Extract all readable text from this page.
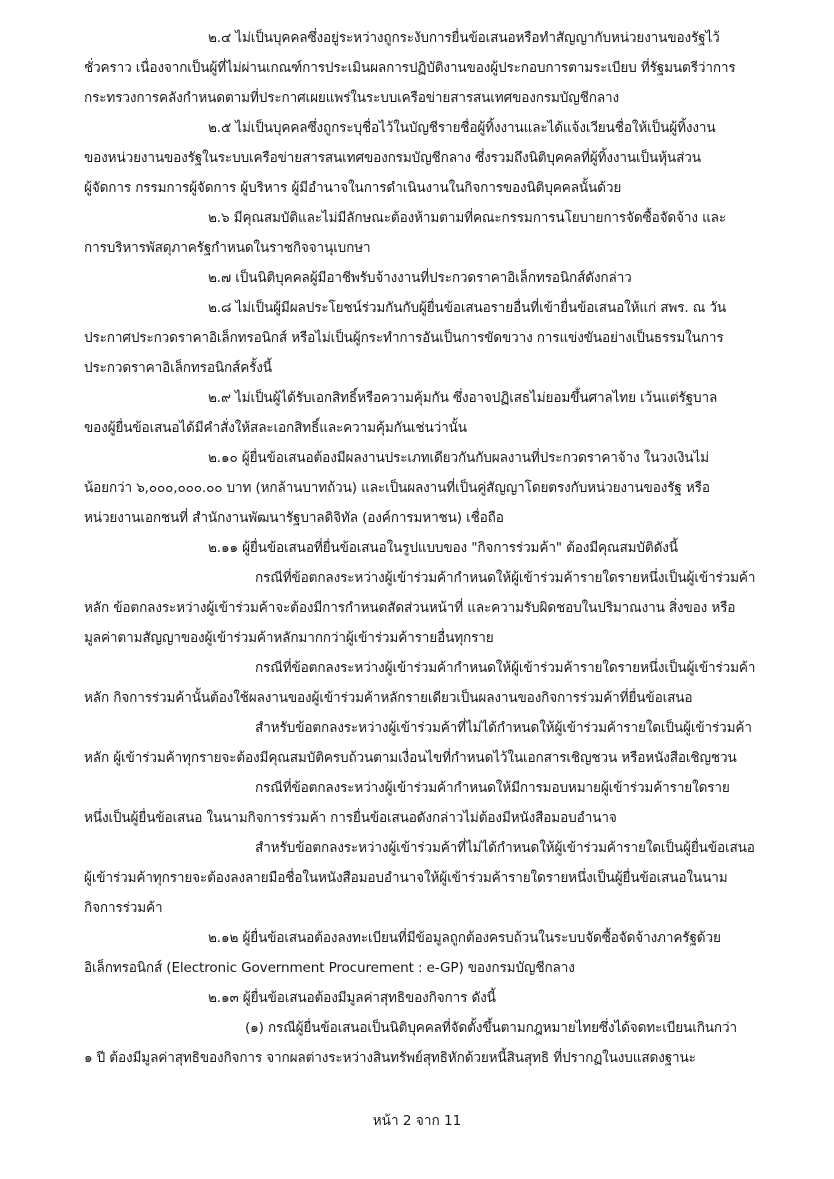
๒.๔ ไม่เป็นบุคคลซึ่งอยู่ระหว่างถูกระงับการยื่นข้อเสนอหรือทำสัญญากับหน่วยงานของรัฐไว้
ชั่วคราว เนื่องจากเป็นผู้ที่ไม่ผ่านเกณฑ์การประเมินผลการปฏิบัติงานของผู้ประกอบการตามระเบียบ ที่รัฐมนตรีว่าการ
กระทรวงการคลังกำหนดตามที่ประกาศเผยแพร่ในระบบเครือข่ายสารสนเทศของกรมบัญชีกลาง
๒.๕ ไม่เป็นบุคคลซึ่งถูกระบุชื่อไว้ในบัญชีรายชื่อผู้ทิ้งงานและได้แจ้งเวียนชื่อให้เป็นผู้ทิ้งงาน
ของหน่วยงานของรัฐในระบบเครือข่ายสารสนเทศของกรมบัญชีกลาง ซึ่งรวมถึงนิติบุคคลที่ผู้ทิ้งงานเป็นหุ้นส่วน
ผู้จัดการ กรรมการผู้จัดการ ผู้บริหาร ผู้มีอำนาจในการดำเนินงานในกิจการของนิติบุคคลนั้นด้วย
๒.๖ มีคุณสมบัติและไม่มีลักษณะต้องห้ามตามที่คณะกรรมการนโยบายการจัดซื้อจัดจ้าง และ
การบริหารพัสดุภาครัฐกำหนดในราชกิจจานุเบกษา
๒.๗ เป็นนิติบุคคลผู้มีอาชีพรับจ้างงานที่ประกวดราคาอิเล็กทรอนิกส์ดังกล่าว
๒.๘ ไม่เป็นผู้มีผลประโยชน์ร่วมกันกับผู้ยื่นข้อเสนอรายอื่นที่เข้ายื่นข้อเสนอให้แก่ สพร. ณ วัน
ประกาศประกวดราคาอิเล็กทรอนิกส์ หรือไม่เป็นผู้กระทำการอันเป็นการขัดขวาง การแข่งขันอย่างเป็นธรรมในการ
ประกวดราคาอิเล็กทรอนิกส์ครั้งนี้
๒.๙ ไม่เป็นผู้ได้รับเอกสิทธิ์หรือความคุ้มกัน ซึ่งอาจปฏิเสธไม่ยอมขึ้นศาลไทย เว้นแต่รัฐบาล
ของผู้ยื่นข้อเสนอได้มีคำสั่งให้สละเอกสิทธิ์และความคุ้มกันเช่นว่านั้น
๒.๑๐ ผู้ยื่นข้อเสนอต้องมีผลงานประเภทเดียวกันกับผลงานที่ประกวดราคาจ้าง ในวงเงินไม่
น้อยกว่า ๖,๐๐๐,๐๐๐.๐๐ บาท (หกล้านบาทถ้วน) และเป็นผลงานที่เป็นคู่สัญญาโดยตรงกับหน่วยงานของรัฐ หรือ
หน่วยงานเอกชนที่ สำนักงานพัฒนารัฐบาลดิจิทัล (องค์การมหาชน) เชื่อถือ
๒.๑๑ ผู้ยื่นข้อเสนอที่ยื่นข้อเสนอในรูปแบบของ "กิจการร่วมค้า" ต้องมีคุณสมบัติดังนี้
กรณีที่ข้อตกลงระหว่างผู้เข้าร่วมค้ากำหนดให้ผู้เข้าร่วมค้ารายใดรายหนึ่งเป็นผู้เข้าร่วมค้า
หลัก ข้อตกลงระหว่างผู้เข้าร่วมค้าจะต้องมีการกำหนดสัดส่วนหน้าที่ และความรับผิดชอบในปริมาณงาน สิ่งของ หรือ
มูลค่าตามสัญญาของผู้เข้าร่วมค้าหลักมากกว่าผู้เข้าร่วมค้ารายอื่นทุกราย
กรณีที่ข้อตกลงระหว่างผู้เข้าร่วมค้ากำหนดให้ผู้เข้าร่วมค้ารายใดรายหนึ่งเป็นผู้เข้าร่วมค้า
หลัก กิจการร่วมค้านั้นต้องใช้ผลงานของผู้เข้าร่วมค้าหลักรายเดียวเป็นผลงานของกิจการร่วมค้าที่ยื่นข้อเสนอ
สำหรับข้อตกลงระหว่างผู้เข้าร่วมค้าที่ไม่ได้กำหนดให้ผู้เข้าร่วมค้ารายใดเป็นผู้เข้าร่วมค้า
หลัก ผู้เข้าร่วมค้าทุกรายจะต้องมีคุณสมบัติครบถ้วนตามเงื่อนไขที่กำหนดไว้ในเอกสารเชิญชวน หรือหนังสือเชิญชวน
กรณีที่ข้อตกลงระหว่างผู้เข้าร่วมค้ากำหนดให้มีการมอบหมายผู้เข้าร่วมค้ารายใดราย
หนึ่งเป็นผู้ยื่นข้อเสนอ ในนามกิจการร่วมค้า การยื่นข้อเสนอดังกล่าวไม่ต้องมีหนังสือมอบอำนาจ
สำหรับข้อตกลงระหว่างผู้เข้าร่วมค้าที่ไม่ได้กำหนดให้ผู้เข้าร่วมค้ารายใดเป็นผู้ยื่นข้อเสนอ
ผู้เข้าร่วมค้าทุกรายจะต้องลงลายมือชื่อในหนังสือมอบอำนาจให้ผู้เข้าร่วมค้ารายใดรายหนึ่งเป็นผู้ยื่นข้อเสนอในนาม
กิจการร่วมค้า
๒.๑๒ ผู้ยื่นข้อเสนอต้องลงทะเบียนที่มีข้อมูลถูกต้องครบถ้วนในระบบจัดซื้อจัดจ้างภาครัฐด้วย
อิเล็กทรอนิกส์ (Electronic Government Procurement : e-GP) ของกรมบัญชีกลาง
๒.๑๓ ผู้ยื่นข้อเสนอต้องมีมูลค่าสุทธิของกิจการ ดังนี้
(๑) กรณีผู้ยื่นข้อเสนอเป็นนิติบุคคลที่จัดตั้งขึ้นตามกฎหมายไทยซึ่งได้จดทะเบียนเกินกว่า
๑ ปี ต้องมีมูลค่าสุทธิของกิจการ จากผลต่างระหว่างสินทรัพย์สุทธิหักด้วยหนี้สินสุทธิ ที่ปรากฏในงบแสดงฐานะ
หน้า 2 จาก 11
